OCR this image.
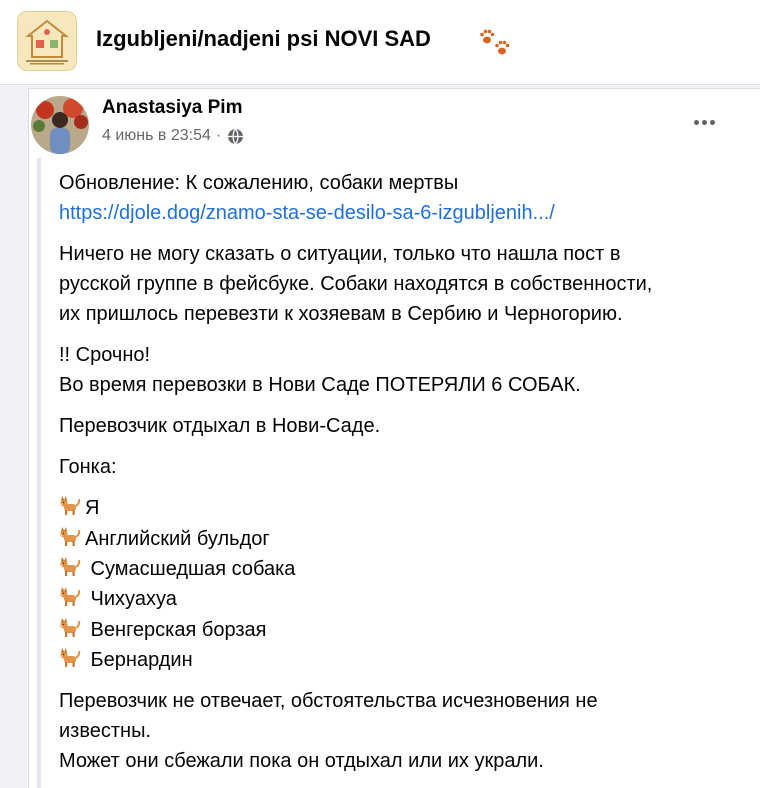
Izgubljeni/nadjeni psi NOVI SAD
Anastasiya Pim
4 июнь в 23:54 ·
Обновление: К сожалению, собаки мертвы
https://djole.dog/znamo-sta-se-desilo-sa-6-izgubljenih.../
Ничего не могу сказать о ситуации, только что нашла пост в
русской группе в фейсбуке. Собаки находятся в собственности,
их пришлось перевезти к хозяевам в Сербию и Черногорию.
!! Срочно!
Во время перевозки в Нови Саде ПОТЕРЯЛИ 6 СОБАК.
Перевозчик отдыхал в Нови-Саде.
Гонка:
Я
Английский бульдог
Сумасшедшая собака
Чихуахуа
Венгерская борзая
Бернардин
Перевозчик не отвечает, обстоятельства исчезновения не
известны.
Может они сбежали пока он отдыхал или их украли.
